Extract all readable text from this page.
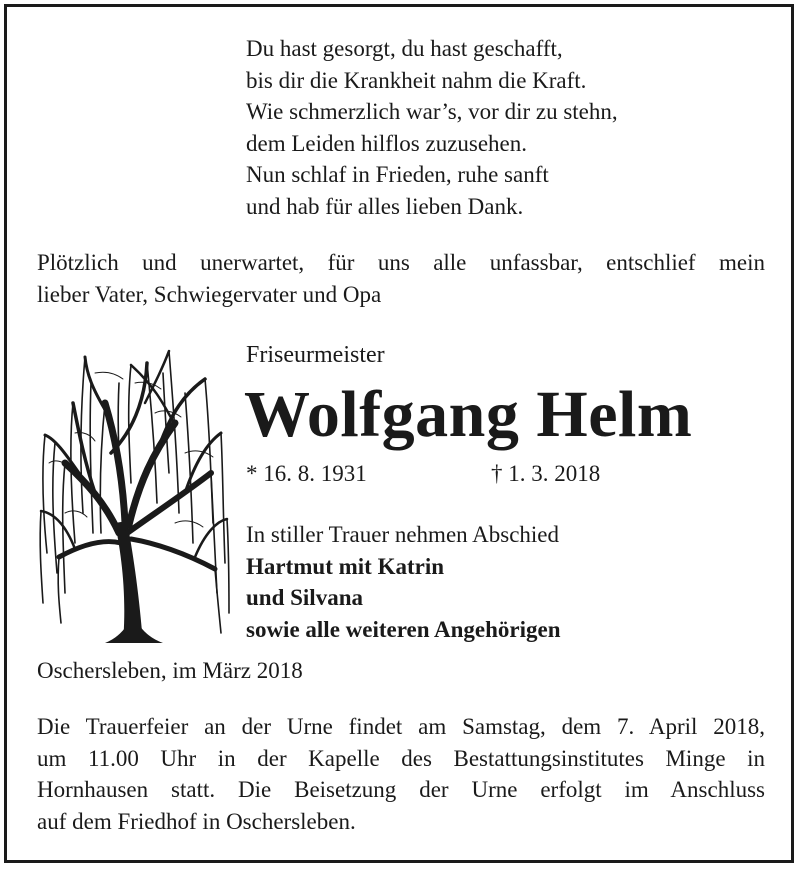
Du hast gesorgt, du hast geschafft,
bis dir die Krankheit nahm die Kraft.
Wie schmerzlich war’s, vor dir zu stehn,
dem Leiden hilflos zuzusehen.
Nun schlaf in Frieden, ruhe sanft
und hab für alles lieben Dank.
Plötzlich und unerwartet, für uns alle unfassbar, entschlief mein
lieber Vater, Schwiegervater und Opa
Friseurmeister
Wolfgang Helm
* 16. 8. 1931	† 1. 3. 2018
In stiller Trauer nehmen Abschied
Hartmut mit Katrin
und Silvana
sowie alle weiteren Angehörigen
Oschersleben, im März 2018
Die Trauerfeier an der Urne findet am Samstag, dem 7. April 2018,
um 11.00 Uhr in der Kapelle des Bestattungsinstitutes Minge in
Hornhausen statt. Die Beisetzung der Urne erfolgt im Anschluss
auf dem Friedhof in Oschersleben.
